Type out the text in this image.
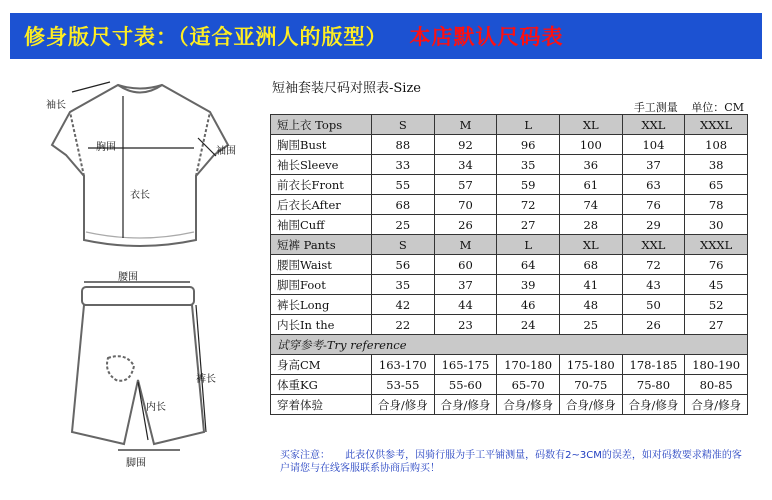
修身版尺寸表：（适合亚洲人的版型） 本店默认尺码表
袖长
胸围	袖围
衣长
腰围
裤长
内长
脚围
短袖套装尺码对照表-Size
手工测量 单位：CM
短上衣 Tops	S	M	L	XL	XXL	XXXL
胸围Bust	88	92	96	100	104	108
袖长Sleeve	33	34	35	36	37	38
前衣长Front	55	57	59	61	63	65
后衣长After	68	70	72	74	76	78
袖围Cuff	25	26	27	28	29	30
短裤 Pants	S	M	L	XL	XXL	XXXL
腰围Waist	56	60	64	68	72	76
脚围Foot	35	37	39	41	43	45
裤长Long	42	44	46	48	50	52
内长In the	22	23	24	25	26	27
试穿参考-Try reference						
身高CM	163-170	165-175	170-180	175-180	178-185	180-190
体重KG	53-55	55-60	65-70	70-75	75-80	80-85
穿着体验	合身/修身	合身/修身	合身/修身	合身/修身	合身/修身	合身/修身
买家注意： 此表仅供参考，因骑行服为手工平铺测量，码数有2~3CM的误差，如对码数要求精准的客户请您与在线客服联系协商后购买！
